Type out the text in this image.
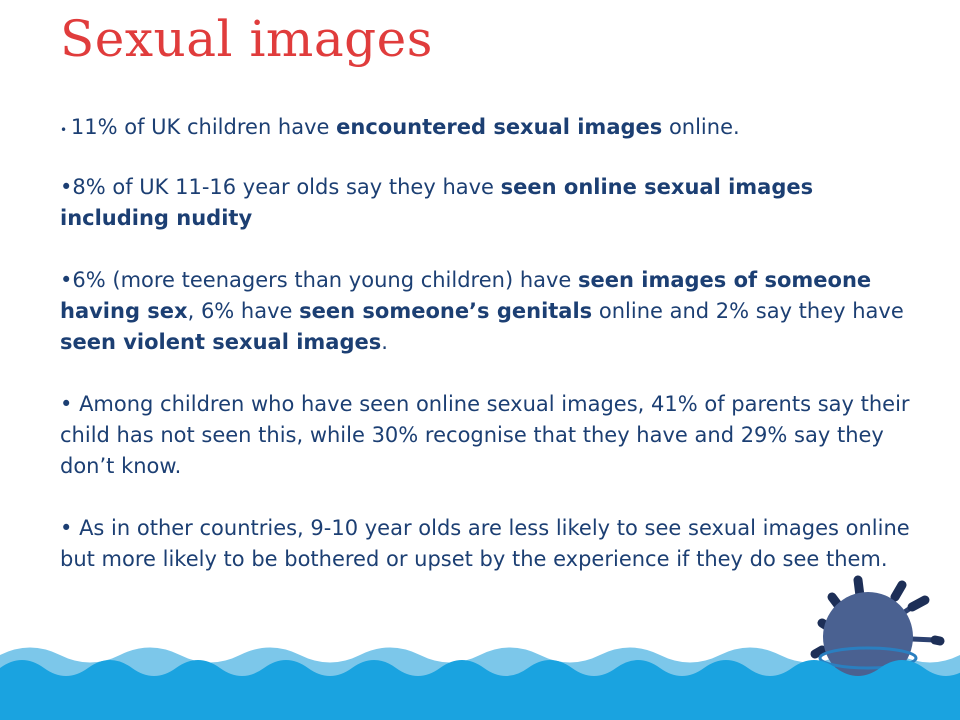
Sexual images

• 11% of UK children have encountered sexual images online.

•8% of UK 11-16 year olds say they have seen online sexual images including nudity

•6% (more teenagers than young children) have seen images of someone having sex, 6% have seen someone’s genitals online and 2% say they have seen violent sexual images.

• Among children who have seen online sexual images, 41% of parents say their child has not seen this, while 30% recognise that they have and 29% say they don’t know.

• As in other countries, 9-10 year olds are less likely to see sexual images online but more likely to be bothered or upset by the experience if they do see them.
